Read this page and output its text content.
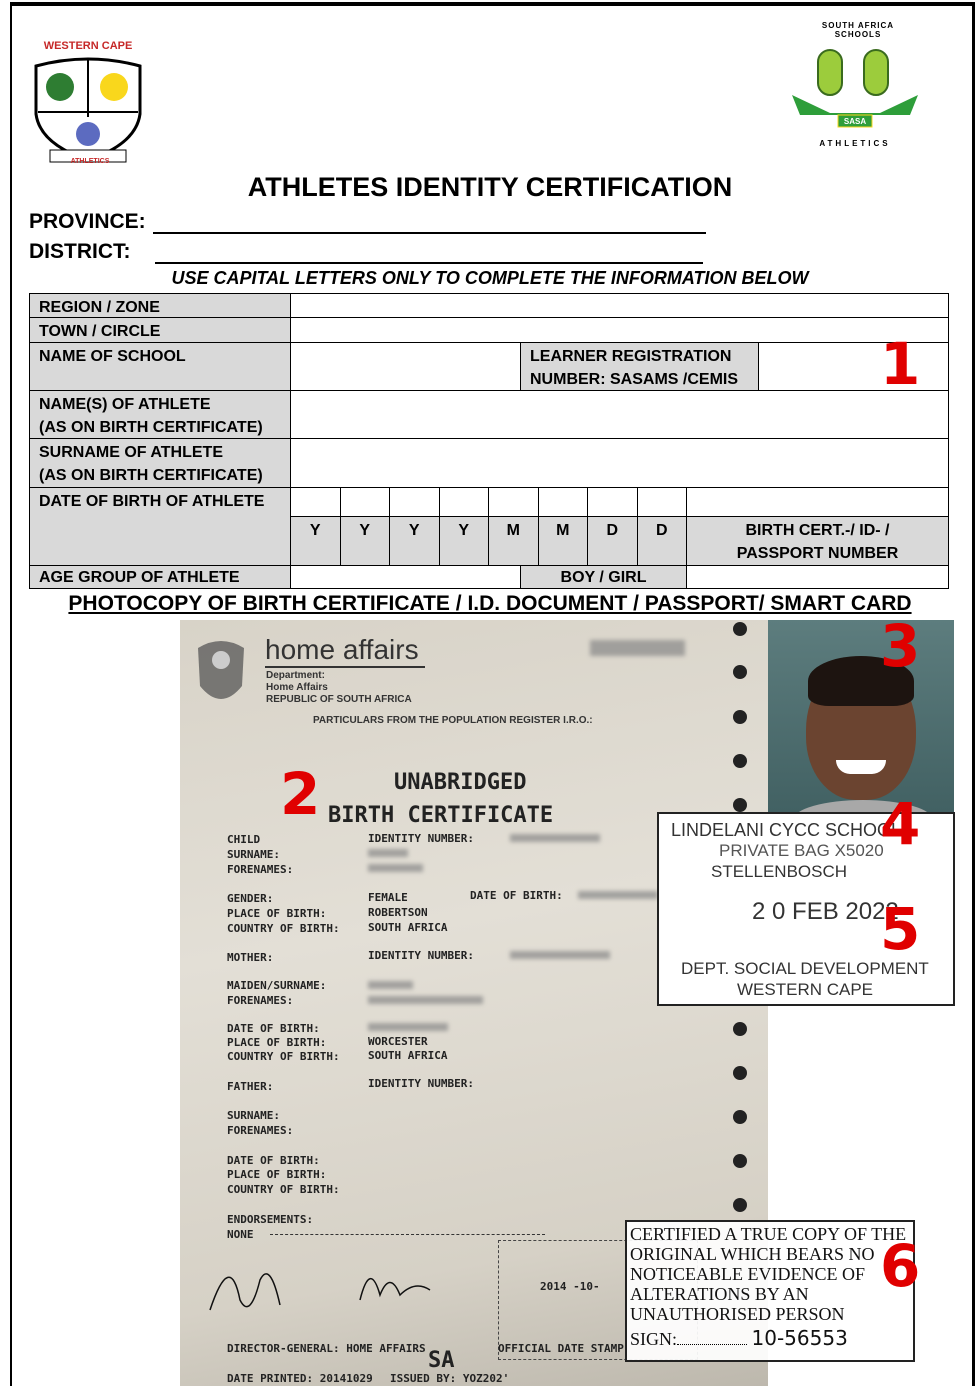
WESTERN CAPE
ATHLETICS
SOUTH AFRICA SCHOOLS
SASA
ATHLETICS
ATHLETES IDENTITY CERTIFICATION
PROVINCE:
DISTRICT:
USE CAPITAL LETTERS ONLY TO COMPLETE THE INFORMATION BELOW
REGION / ZONE
TOWN / CIRCLE
NAME OF SCHOOL	LEARNER REGISTRATION
NUMBER: SASAMS /CEMIS
NAME(S) OF ATHLETE
(AS ON BIRTH CERTIFICATE)
SURNAME OF ATHLETE
(AS ON BIRTH CERTIFICATE)
DATE OF BIRTH OF ATHLETE
Y	Y	Y	Y	M	M	D	D	BIRTH CERT.-/ ID- /
PASSPORT NUMBER
AGE GROUP OF ATHLETE	BOY / GIRL
PHOTOCOPY OF BIRTH CERTIFICATE / I.D. DOCUMENT / PASSPORT/ SMART CARD
home affairs
Department:
Home Affairs
REPUBLIC OF SOUTH AFRICA
PARTICULARS FROM THE POPULATION REGISTER I.R.O.:
UNABRIDGED
BIRTH CERTIFICATE
CHILD
SURNAME:
FORENAMES:
IDENTITY NUMBER:
GENDER:	FEMALE	DATE OF BIRTH:
PLACE OF BIRTH:	ROBERTSON
COUNTRY OF BIRTH:	SOUTH AFRICA
MOTHER:	IDENTITY NUMBER:
MAIDEN/SURNAME:
FORENAMES:
DATE OF BIRTH:
PLACE OF BIRTH:	WORCESTER
COUNTRY OF BIRTH:	SOUTH AFRICA
FATHER:	IDENTITY NUMBER:
SURNAME:
FORENAMES:
DATE OF BIRTH:
PLACE OF BIRTH:
COUNTRY OF BIRTH:
ENDORSEMENTS:
NONE
2014 -10-
DIRECTOR-GENERAL: HOME AFFAIRS	OFFICIAL DATE STAMP
SA
DATE PRINTED: 20141029 ISSUED BY: YOZ202'
LINDELANI CYCC SCHOOL
PRIVATE BAG X5020
STELLENBOSCH
2 0 FEB 2022
DEPT. SOCIAL DEVELOPMENT
WESTERN CAPE
CERTIFIED A TRUE COPY OF THE
ORIGINAL WHICH BEARS NO
NOTICEABLE EVIDENCE OF
ALTERATIONS BY AN
UNAUTHORISED PERSON
SIGN:	10-56553
1
2
3
4
5
6
